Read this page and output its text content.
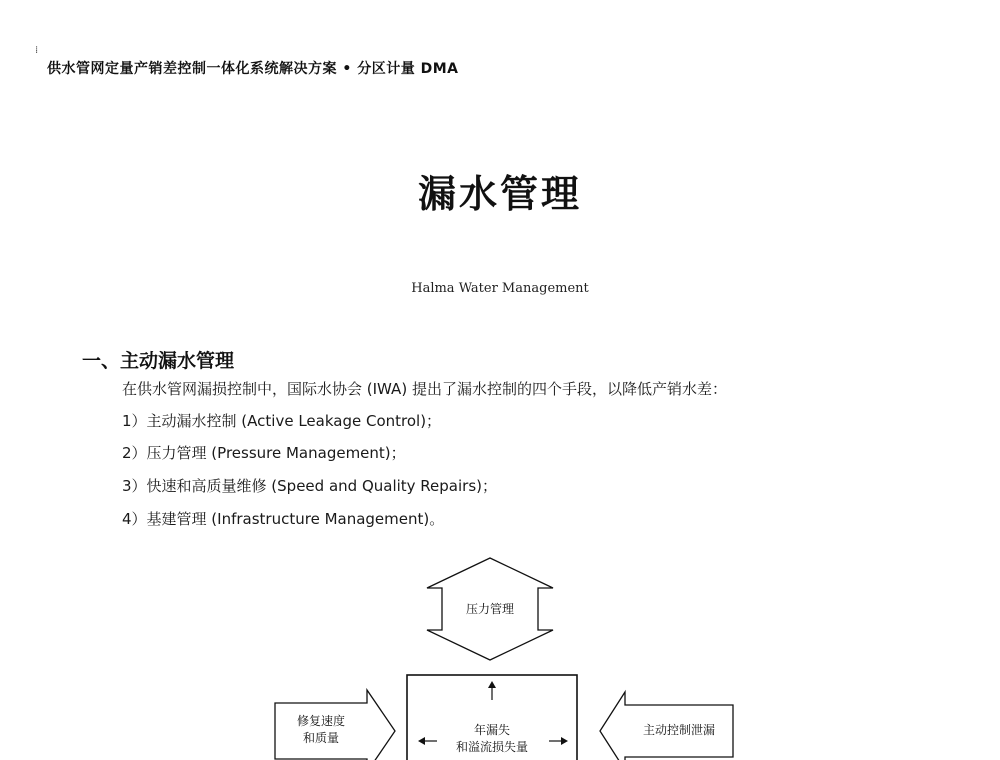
⁞
供水管网定量产销差控制一体化系统解决方案 • 分区计量 DMA
漏水管理
Halma Water Management
一、主动漏水管理
在供水管网漏损控制中，国际水协会 (IWA) 提出了漏水控制的四个手段，以降低产销水差：
1）主动漏水控制 (Active Leakage Control)；
2）压力管理 (Pressure Management)；
3）快速和高质量维修 (Speed and Quality Repairs)；
4）基建管理 (Infrastructure Management)。
压力管理
修复速度
和质量
年漏失
和溢流损失量
主动控制泄漏
